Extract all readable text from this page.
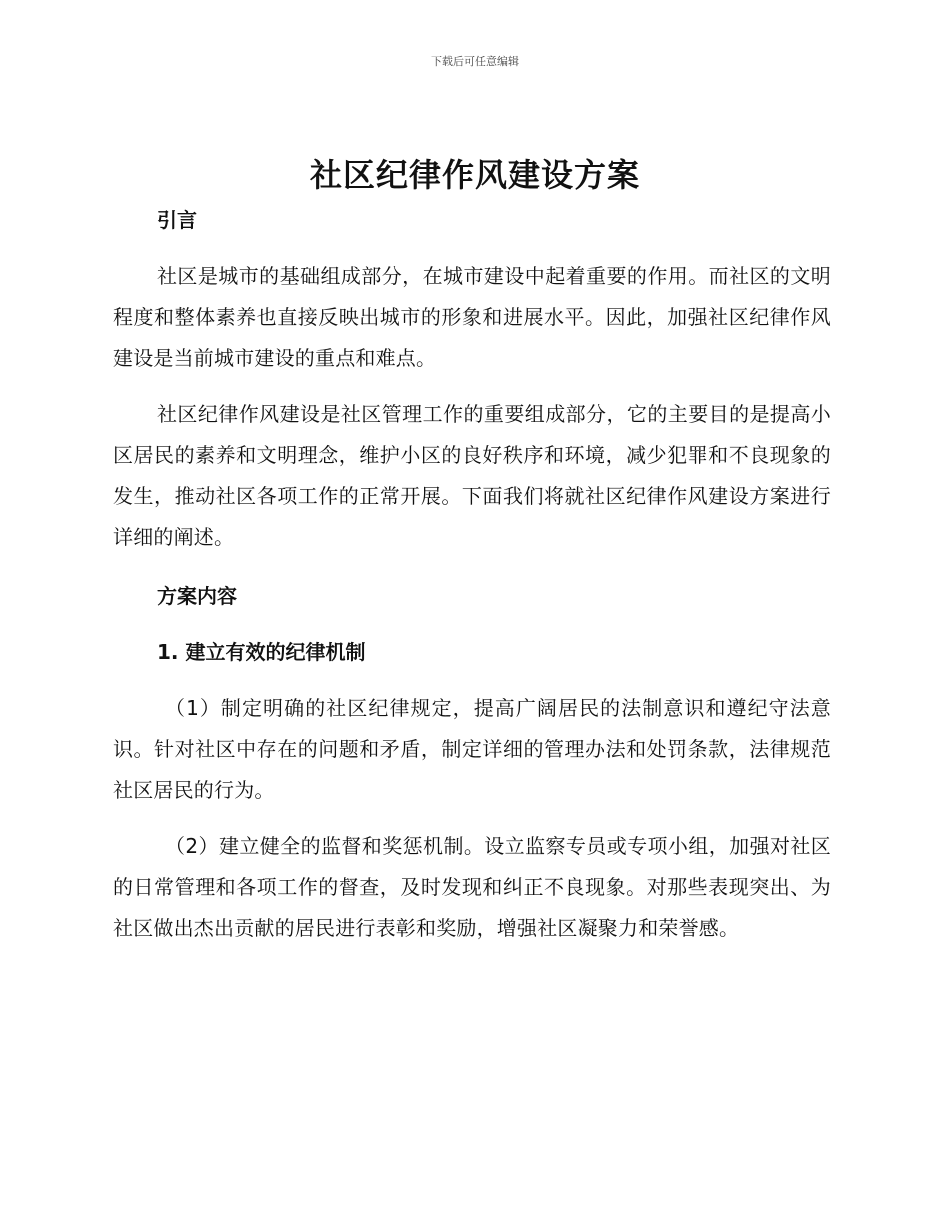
下载后可任意编辑
社区纪律作风建设方案
引言

社区是城市的基础组成部分，在城市建设中起着重要的作用。而社区的文明程度和整体素养也直接反映出城市的形象和进展水平。因此，加强社区纪律作风建设是当前城市建设的重点和难点。

社区纪律作风建设是社区管理工作的重要组成部分，它的主要目的是提高小区居民的素养和文明理念，维护小区的良好秩序和环境，减少犯罪和不良现象的发生，推动社区各项工作的正常开展。下面我们将就社区纪律作风建设方案进行详细的阐述。

方案内容
1. 建立有效的纪律机制

（1）制定明确的社区纪律规定，提高广阔居民的法制意识和遵纪守法意识。针对社区中存在的问题和矛盾，制定详细的管理办法和处罚条款，法律规范社区居民的行为。

（2）建立健全的监督和奖惩机制。设立监察专员或专项小组，加强对社区的日常管理和各项工作的督查，及时发现和纠正不良现象。对那些表现突出、为社区做出杰出贡献的居民进行表彰和奖励，增强社区凝聚力和荣誉感。
